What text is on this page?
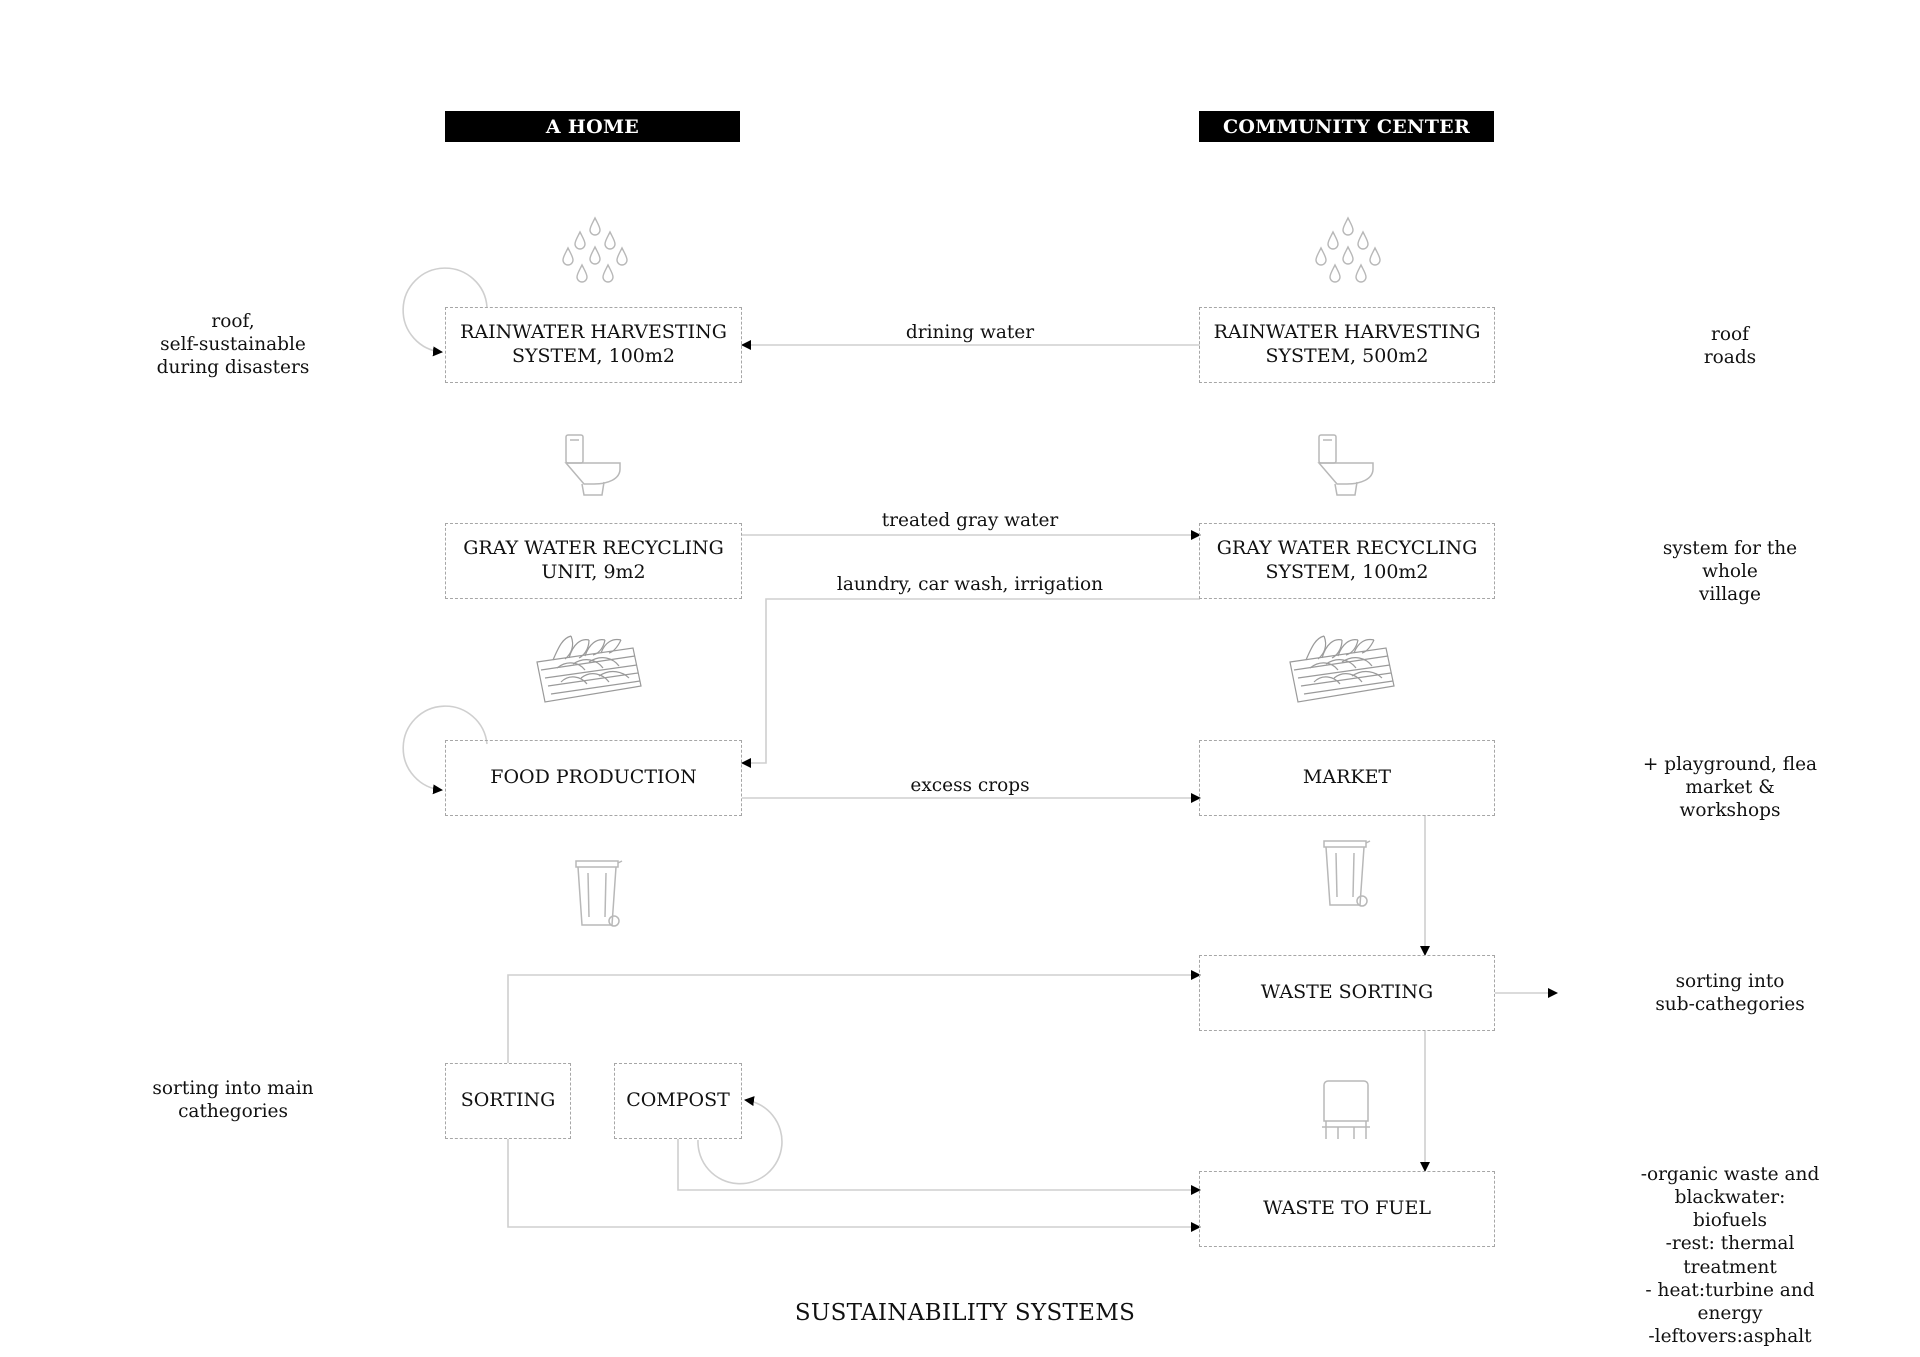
A HOME	COMMUNITY CENTER
RAINWATER HARVESTING
SYSTEM, 100m2
GRAY WATER RECYCLING
UNIT, 9m2
FOOD PRODUCTION
SORTING	COMPOST
RAINWATER HARVESTING
SYSTEM, 500m2
GRAY WATER RECYCLING
SYSTEM, 100m2
MARKET
WASTE SORTING
WASTE TO FUEL
drining water
treated gray water
laundry, car wash, irrigation
excess crops
roof,
self-sustainable
during disasters
sorting into main
cathegories
roof
roads
system for the whole
village
+ playground, flea market &
workshops
sorting into
sub-cathegories
-organic waste and blackwater: biofuels
-rest: thermal treatment
- heat:turbine and energy
-leftovers:asphalt
SUSTAINABILITY SYSTEMS
